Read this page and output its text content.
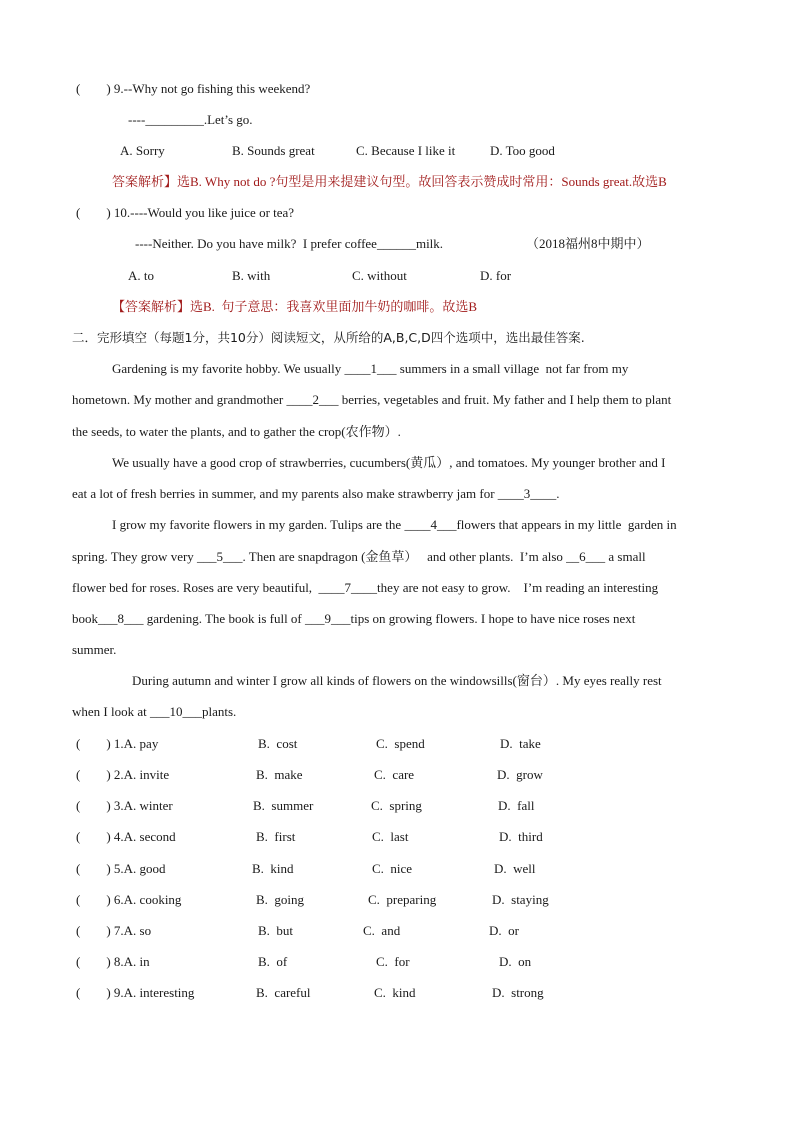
(        ) 9.--Why not go fishing this weekend?
----_________.Let’s go.
A. Sorry	B. Sounds great	C. Because I like it	D. Too good
答案解析】选B. Why not do ?句型是用来提建议句型。故回答表示赞成时常用：Sounds great.故选B
(        ) 10.----Would you like juice or tea?
----Neither. Do you have milk?  I prefer coffee______milk.	（2018福州8中期中）
A. to	B. with	C. without	D. for
【答案解析】选B.  句子意思：我喜欢里面加牛奶的咖啡。故选B
二．完形填空（每题1分，共10分）阅读短文，从所给的A,B,C,D四个选项中，选出最佳答案.
Gardening is my favorite hobby. We usually ____1___ summers in a small village  not far from my
hometown. My mother and grandmother ____2___ berries, vegetables and fruit. My father and I help them to plant
the seeds, to water the plants, and to gather the crop(农作物）.
We usually have a good crop of strawberries, cucumbers(黄瓜）, and tomatoes. My younger brother and I
eat a lot of fresh berries in summer, and my parents also make strawberry jam for ____3____.
I grow my favorite flowers in my garden. Tulips are the ____4___flowers that appears in my little  garden in
spring. They grow very ___5___. Then are snapdragon (金鱼草）   and other plants.  I’m also __6___ a small
flower bed for roses. Roses are very beautiful,  ____7____they are not easy to grow.    I’m reading an interesting
book___8___ gardening. The book is full of ___9___tips on growing flowers. I hope to have nice roses next
summer.
During autumn and winter I grow all kinds of flowers on the windowsills(窗台）. My eyes really rest
when I look at ___10___plants.
(        ) 1.A. pay	B.  cost	C.  spend	D.  take
(        ) 2.A. invite	B.  make	C.  care	D.  grow
(        ) 3.A. winter	B.  summer	C.  spring	D.  fall
(        ) 4.A. second	B.  first	C.  last	D.  third
(        ) 5.A. good	B.  kind	C.  nice	D.  well
(        ) 6.A. cooking	B.  going	C.  preparing	D.  staying
(        ) 7.A. so	B.  but	C.  and	D.  or
(        ) 8.A. in	B.  of	C.  for	D.  on
(        ) 9.A. interesting	B.  careful	C.  kind	D.  strong
